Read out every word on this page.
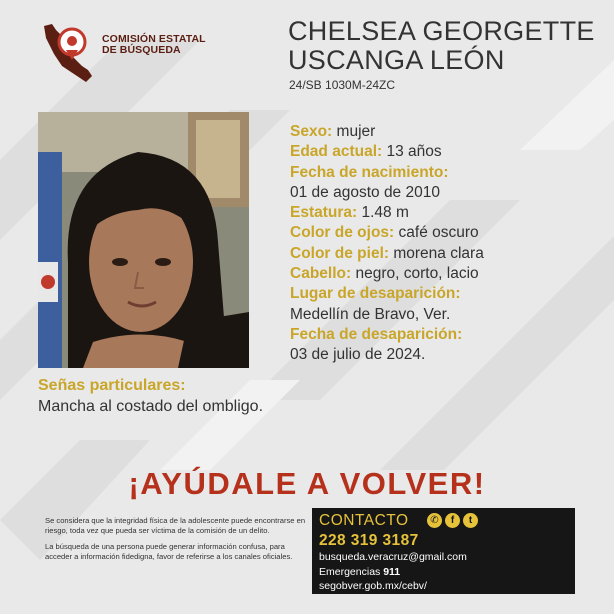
COMISIÓN ESTATAL
DE BÚSQUEDA
CHELSEA GEORGETTE
USCANGA LEÓN
24/SB 1030M-24ZC
Sexo: mujer
Edad actual: 13 años
Fecha de nacimiento:
01 de agosto de 2010
Estatura: 1.48 m
Color de ojos: café oscuro
Color de piel: morena clara
Cabello: negro, corto, lacio
Lugar de desaparición:
Medellín de Bravo, Ver.
Fecha de desaparición:
03 de julio de 2024.
Señas particulares:
Mancha al costado del ombligo.
¡AYÚDALE A VOLVER!

Se considera que la integridad física de la adolescente puede encontrarse en riesgo, toda vez que pueda ser víctima de la comisión de un delito.

La búsqueda de una persona puede generar información confusa, para acceder a información fidedigna, favor de referirse a los canales oficiales.

CONTACTO	✆	f	t
228 319 3187
busqueda.veracruz@gmail.com
Emergencias 911
segobver.gob.mx/cebv/
